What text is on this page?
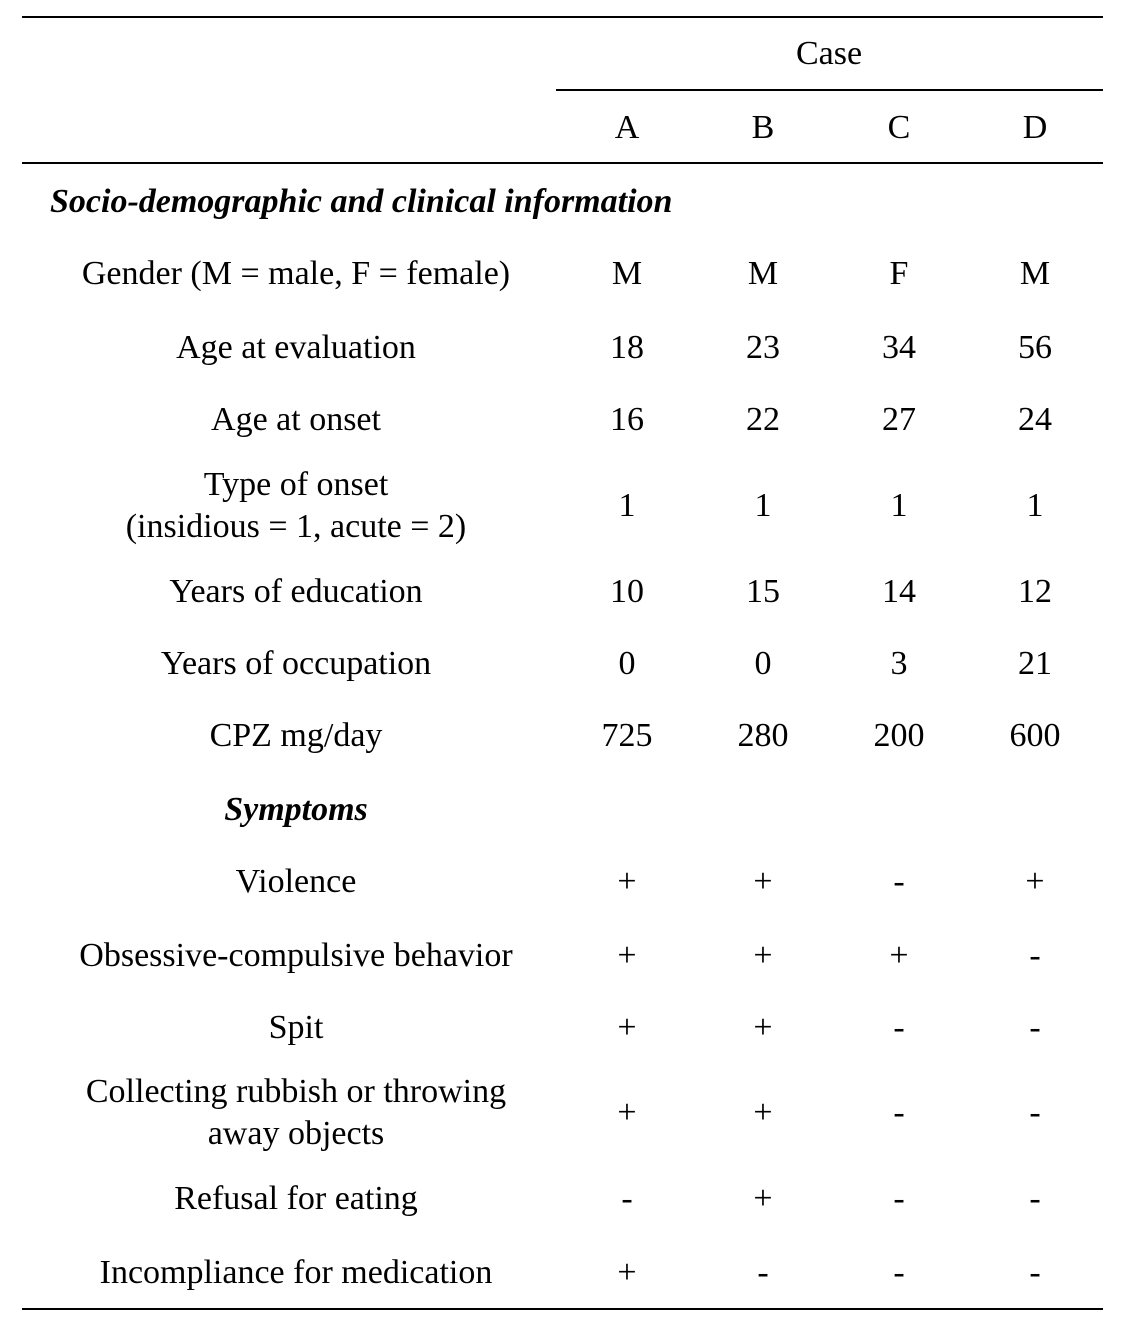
Case
A	B	C	D
Socio-demographic and clinical information
Gender (M = male, F = female)	M	M	F	M
Age at evaluation	18	23	34	56
Age at onset	16	22	27	24
Type of onset
(insidious = 1, acute = 2)
1	1	1	1
Years of education	10	15	14	12
Years of occupation	0	0	3	21
CPZ mg/day	725	280	200	600
Symptoms
Violence	+	+	-	+
Obsessive-compulsive behavior	+	+	+	-
Spit	+	+	-	-
Collecting rubbish or throwing
away objects
+	+	-	-
Refusal for eating	-	+	-	-
Incompliance for medication	+	-	-	-
